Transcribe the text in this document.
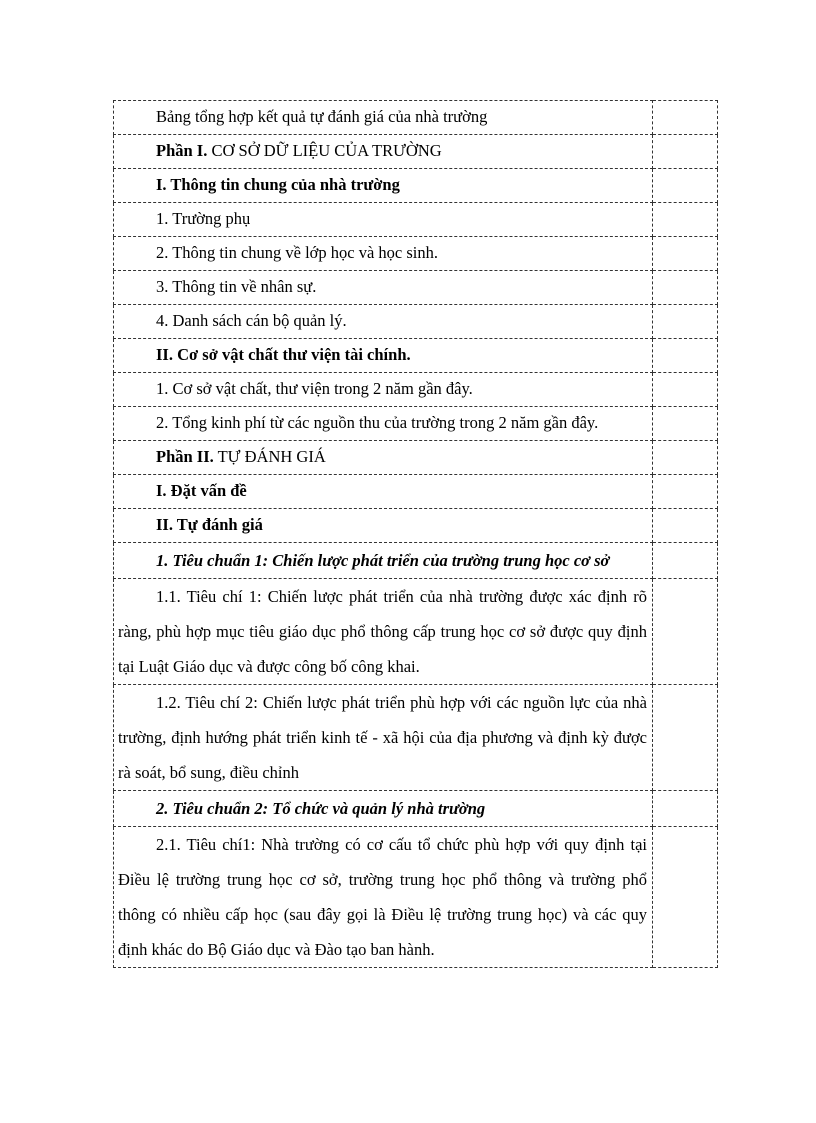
Bảng tổng hợp kết quả tự đánh giá của nhà trường	

Phần I. CƠ SỞ DỮ LIỆU CỦA TRƯỜNG	

I. Thông tin chung của nhà trường	

1. Trường phụ	

2. Thông tin chung về lớp học và học sinh.	

3. Thông tin về nhân sự.	

4. Danh sách cán bộ quản lý.	

II. Cơ sở vật chất thư viện tài chính.	

1. Cơ sở vật chất, thư viện trong 2 năm gần đây.	

2. Tổng kinh phí từ các nguồn thu của trường trong 2 năm gần đây.	

Phần II. TỰ ĐÁNH GIÁ	

I. Đặt vấn đề	

II. Tự đánh giá	

1. Tiêu chuẩn 1: Chiến lược phát triển của trường trung học cơ sở	

1.1. Tiêu chí 1: Chiến lược phát triển của nhà trường được xác định rõ ràng, phù hợp mục tiêu giáo dục phổ thông cấp trung học cơ sở được quy định tại Luật Giáo dục và được công bố công khai.	

1.2. Tiêu chí 2: Chiến lược phát triển phù hợp với các nguồn lực của nhà trường, định hướng phát triển kinh tế - xã hội của địa phương và định kỳ được rà soát, bổ sung, điều chỉnh	

2. Tiêu chuẩn 2: Tổ chức và quản lý nhà trường	

2.1. Tiêu chí1: Nhà trường có cơ cấu tổ chức phù hợp với quy định tại Điều lệ trường trung học cơ sở, trường trung học phổ thông và trường phổ thông có nhiều cấp học (sau đây gọi là Điều lệ trường trung học) và các quy định khác do Bộ Giáo dục và Đào tạo ban hành.	
